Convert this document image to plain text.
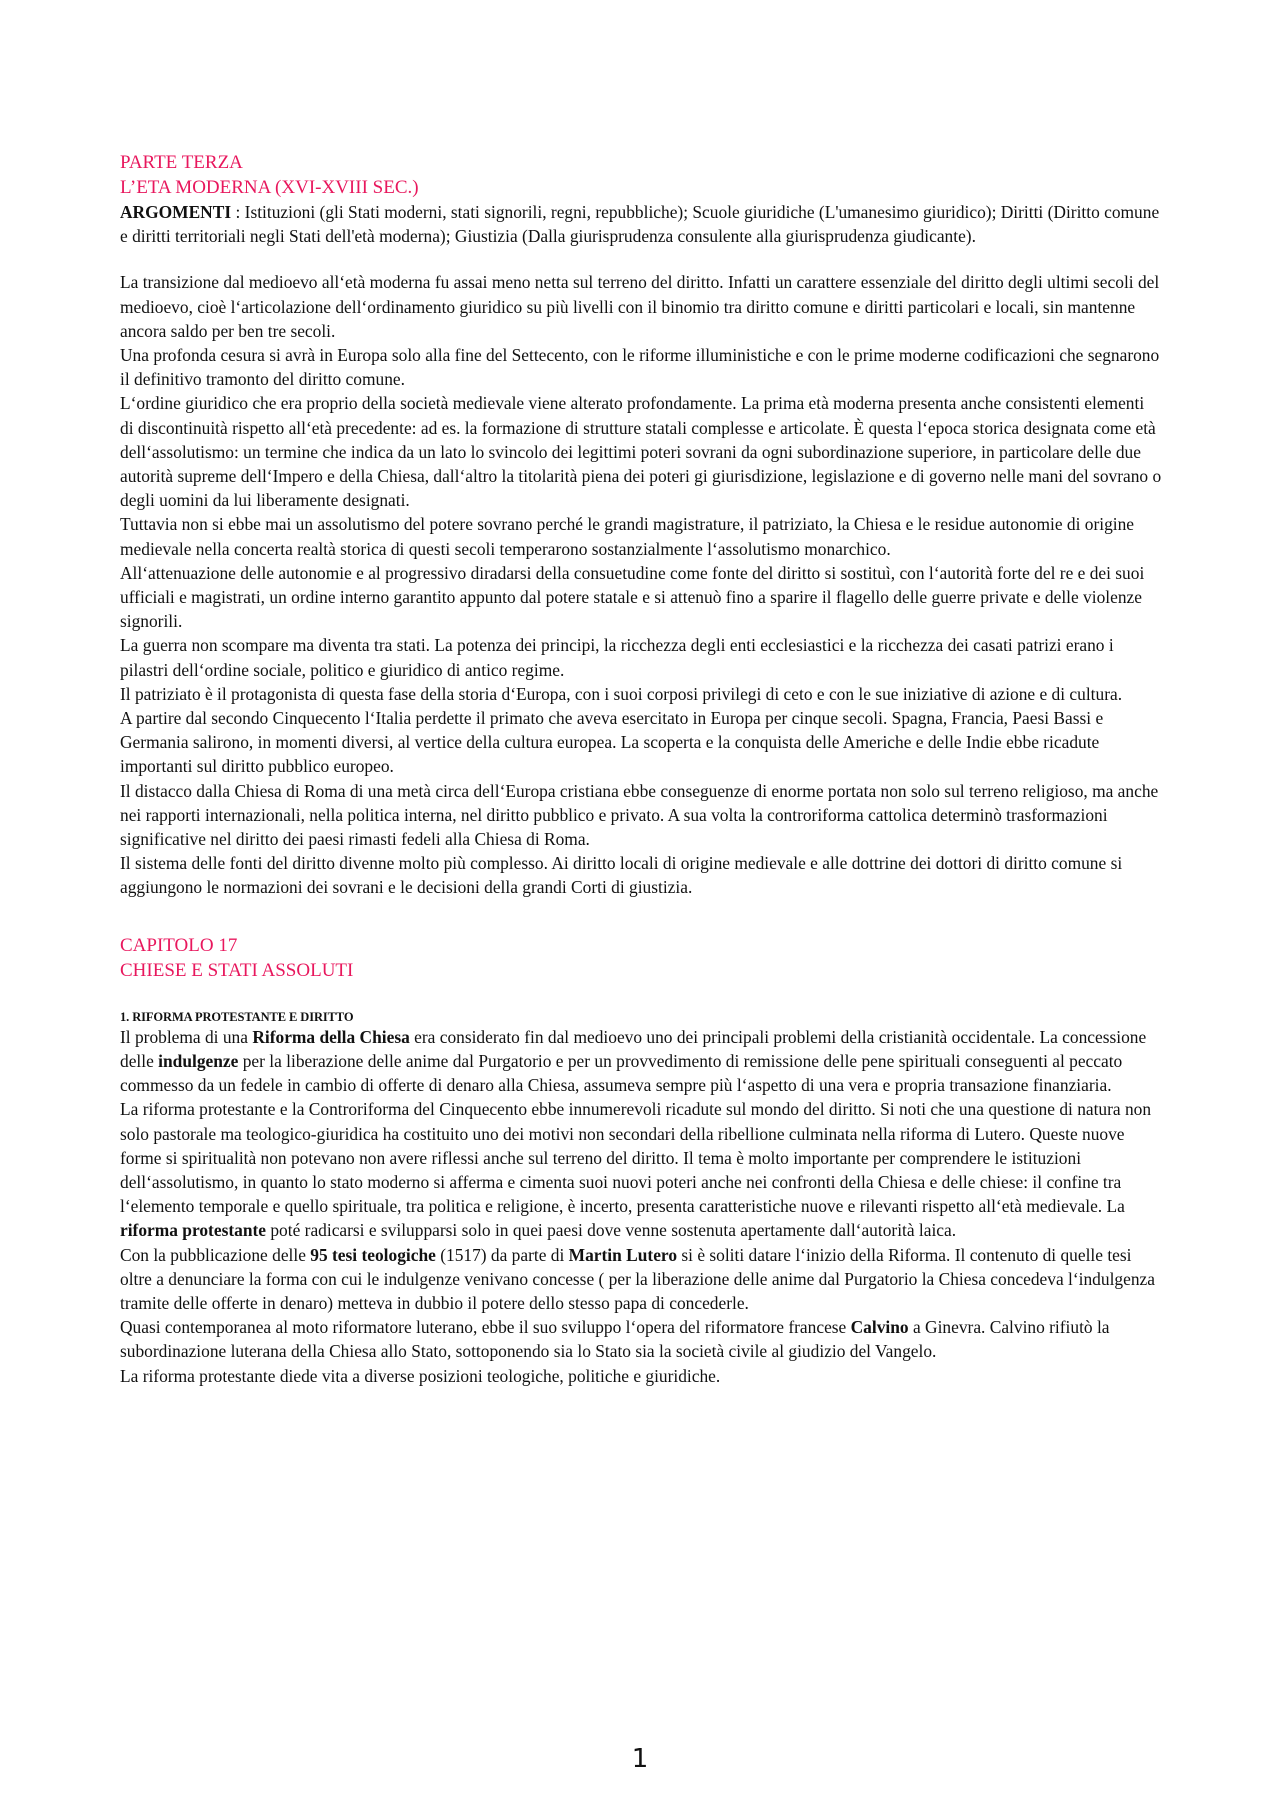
PARTE TERZA

L’ETA MODERNA (XVI-XVIII SEC.)

ARGOMENTI : Istituzioni (gli Stati moderni, stati signorili, regni, repubbliche); Scuole giuridiche (L'umanesimo giuridico); Diritti (Diritto comune e diritti territoriali negli Stati dell'età moderna); Giustizia (Dalla giurisprudenza consulente alla giurisprudenza giudicante).

La transizione dal medioevo all‘età moderna fu assai meno netta sul terreno del diritto. Infatti un carattere essenziale del diritto degli ultimi secoli del medioevo, cioè l‘articolazione dell‘ordinamento giuridico su più livelli con il binomio tra diritto comune e diritti particolari e locali, sin mantenne ancora saldo per ben tre secoli.

Una profonda cesura si avrà in Europa solo alla fine del Settecento, con le riforme illuministiche e con le prime moderne codificazioni che segnarono il definitivo tramonto del diritto comune.

L‘ordine giuridico che era proprio della società medievale viene alterato profondamente. La prima età moderna presenta anche consistenti elementi di discontinuità rispetto all‘età precedente: ad es. la formazione di strutture statali complesse e articolate. È questa l‘epoca storica designata come età dell‘assolutismo: un termine che indica da un lato lo svincolo dei legittimi poteri sovrani da ogni subordinazione superiore, in particolare delle due autorità supreme dell‘Impero e della Chiesa, dall‘altro la titolarità piena dei poteri gi giurisdizione, legislazione e di governo nelle mani del sovrano o degli uomini da lui liberamente designati.

Tuttavia non si ebbe mai un assolutismo del potere sovrano perché le grandi magistrature, il patriziato, la Chiesa e le residue autonomie di origine medievale nella concerta realtà storica di questi secoli temperarono sostanzialmente l‘assolutismo monarchico.

All‘attenuazione delle autonomie e al progressivo diradarsi della consuetudine come fonte del diritto si sostituì, con l‘autorità forte del re e dei suoi ufficiali e magistrati, un ordine interno garantito appunto dal potere statale e si attenuò fino a sparire il flagello delle guerre private e delle violenze signorili.

La guerra non scompare ma diventa tra stati. La potenza dei principi, la ricchezza degli enti ecclesiastici e la ricchezza dei casati patrizi erano i pilastri dell‘ordine sociale, politico e giuridico di antico regime.

Il patriziato è il protagonista di questa fase della storia d‘Europa, con i suoi corposi privilegi di ceto e con le sue iniziative di azione e di cultura.

A partire dal secondo Cinquecento l‘Italia perdette il primato che aveva esercitato in Europa per cinque secoli. Spagna, Francia, Paesi Bassi e Germania salirono, in momenti diversi, al vertice della cultura europea. La scoperta e la conquista delle Americhe e delle Indie ebbe ricadute importanti sul diritto pubblico europeo.

Il distacco dalla Chiesa di Roma di una metà circa dell‘Europa cristiana ebbe conseguenze di enorme portata non solo sul terreno religioso, ma anche nei rapporti internazionali, nella politica interna, nel diritto pubblico e privato. A sua volta la controriforma cattolica determinò trasformazioni significative nel diritto dei paesi rimasti fedeli alla Chiesa di Roma.

Il sistema delle fonti del diritto divenne molto più complesso. Ai diritto locali di origine medievale e alle dottrine dei dottori di diritto comune si aggiungono le normazioni dei sovrani e le decisioni della grandi Corti di giustizia.

CAPITOLO 17

CHIESE E STATI ASSOLUTI

1. RIFORMA PROTESTANTE E DIRITTO

Il problema di una Riforma della Chiesa era considerato fin dal medioevo uno dei principali problemi della cristianità occidentale. La concessione delle indulgenze per la liberazione delle anime dal Purgatorio e per un provvedimento di remissione delle pene spirituali conseguenti al peccato commesso da un fedele in cambio di offerte di denaro alla Chiesa, assumeva sempre più l‘aspetto di una vera e propria transazione finanziaria.

La riforma protestante e la Controriforma del Cinquecento ebbe innumerevoli ricadute sul mondo del diritto. Si noti che una questione di natura non solo pastorale ma teologico-giuridica ha costituito uno dei motivi non secondari della ribellione culminata nella riforma di Lutero. Queste nuove forme si spiritualità non potevano non avere riflessi anche sul terreno del diritto. Il tema è molto importante per comprendere le istituzioni dell‘assolutismo, in quanto lo stato moderno si afferma e cimenta suoi nuovi poteri anche nei confronti della Chiesa e delle chiese: il confine tra l‘elemento temporale e quello spirituale, tra politica e religione, è incerto, presenta caratteristiche nuove e rilevanti rispetto all‘età medievale. La riforma protestante poté radicarsi e svilupparsi solo in quei paesi dove venne sostenuta apertamente dall‘autorità laica.

Con la pubblicazione delle 95 tesi teologiche (1517) da parte di Martin Lutero si è soliti datare l‘inizio della Riforma. Il contenuto di quelle tesi oltre a denunciare la forma con cui le indulgenze venivano concesse ( per la liberazione delle anime dal Purgatorio la Chiesa concedeva l‘indulgenza tramite delle offerte in denaro) metteva in dubbio il potere dello stesso papa di concederle.

Quasi contemporanea al moto riformatore luterano, ebbe il suo sviluppo l‘opera del riformatore francese Calvino a Ginevra. Calvino rifiutò la subordinazione luterana della Chiesa allo Stato, sottoponendo sia lo Stato sia la società civile al giudizio del Vangelo.

La riforma protestante diede vita a diverse posizioni teologiche, politiche e giuridiche.

1
